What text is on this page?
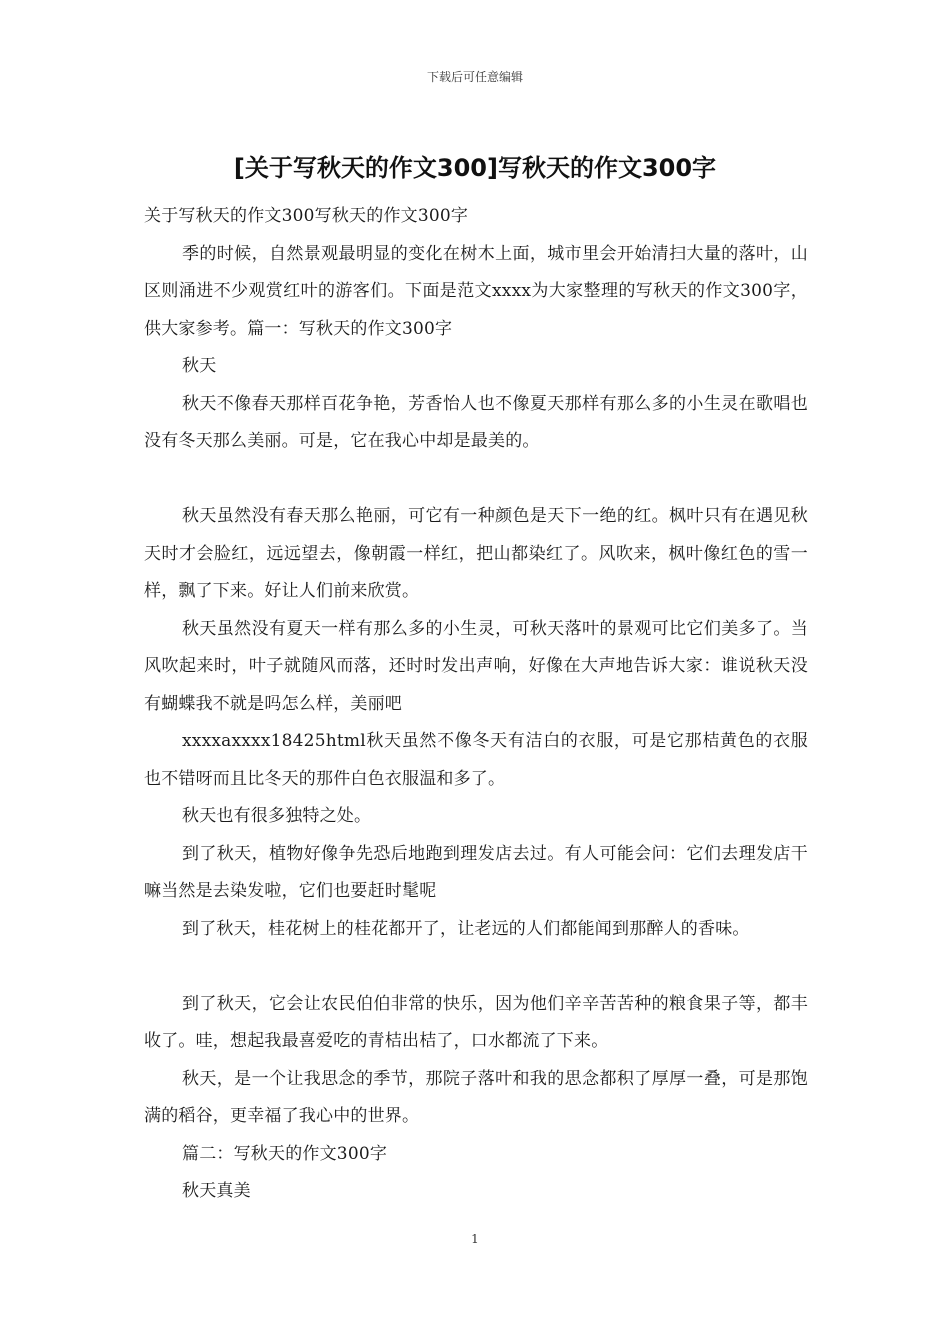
下载后可任意编辑
[关于写秋天的作文300]写秋天的作文300字

关于写秋天的作文300写秋天的作文300字

季的时候，自然景观最明显的变化在树木上面，城市里会开始清扫大量的落叶，山区则涌进不少观赏红叶的游客们。下面是范文xxxx为大家整理的写秋天的作文300字，供大家参考。篇一：写秋天的作文300字

秋天

秋天不像春天那样百花争艳，芳香怡人也不像夏天那样有那么多的小生灵在歌唱也没有冬天那么美丽。可是，它在我心中却是最美的。

秋天虽然没有春天那么艳丽，可它有一种颜色是天下一绝的红。枫叶只有在遇见秋天时才会脸红，远远望去，像朝霞一样红，把山都染红了。风吹来，枫叶像红色的雪一样，飘了下来。好让人们前来欣赏。

秋天虽然没有夏天一样有那么多的小生灵，可秋天落叶的景观可比它们美多了。当风吹起来时，叶子就随风而落，还时时发出声响，好像在大声地告诉大家：谁说秋天没有蝴蝶我不就是吗怎么样，美丽吧

xxxxaxxxx18425html秋天虽然不像冬天有洁白的衣服，可是它那桔黄色的衣服也不错呀而且比冬天的那件白色衣服温和多了。

秋天也有很多独特之处。

到了秋天，植物好像争先恐后地跑到理发店去过。有人可能会问：它们去理发店干嘛当然是去染发啦，它们也要赶时髦呢

到了秋天，桂花树上的桂花都开了，让老远的人们都能闻到那醉人的香味。

到了秋天，它会让农民伯伯非常的快乐，因为他们辛辛苦苦种的粮食果子等，都丰收了。哇，想起我最喜爱吃的青桔出桔了，口水都流了下来。

秋天，是一个让我思念的季节，那院子落叶和我的思念都积了厚厚一叠，可是那饱满的稻谷，更幸福了我心中的世界。

篇二：写秋天的作文300字

秋天真美

1
